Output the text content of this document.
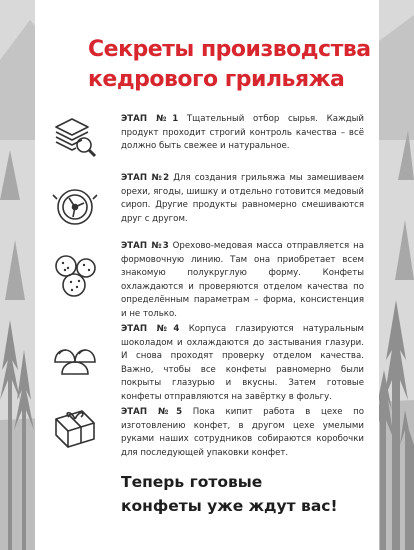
Секреты производства
кедрового грильяжа
ЭТАП №1 Тщательный отбор сырья. Каждый продукт проходит строгий контроль качества – всё должно быть свежее и натуральное.
ЭТАП №2 Для создания грильяжа мы замешиваем орехи, ягоды, шишку и отдельно готовится медовый сироп. Другие продукты равномерно смешиваются друг с другом.
ЭТАП №3 Орехово-медовая масса отправляется на формовочную линию. Там она приобретает всем знакомую полукруглую форму. Конфеты охлаждаются и проверяются отделом качества по определённым параметрам – форма, консистенция и не только.
ЭТАП №4 Корпуса глазируются натуральным шоколадом и охлаждаются до застывания глазури. И снова проходят проверку отделом качества. Важно, чтобы все конфеты равномерно были покрыты глазурью и вкусны. Затем готовые конфеты отправляются на завёртку в фольгу.
ЭТАП №5 Пока кипит работа в цехе по изготовлению конфет, в другом цехе умелыми руками наших сотрудников собираются коробочки для последующей упаковки конфет.
Теперь готовые
конфеты уже ждут вас!
